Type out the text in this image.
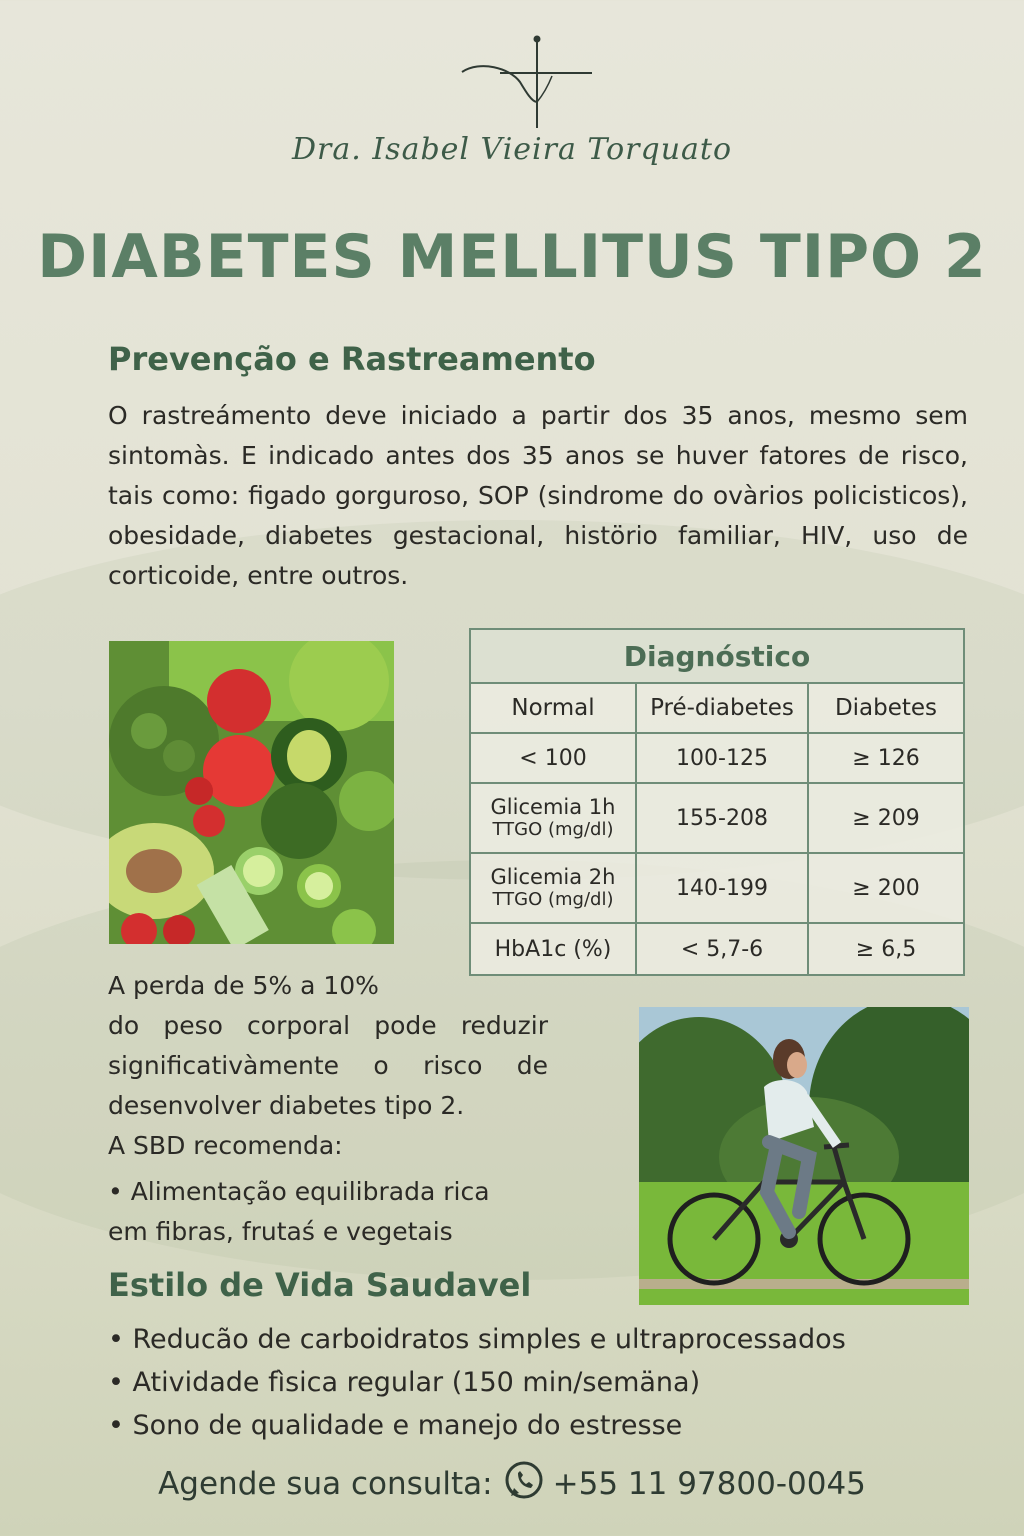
Dra. Isabel Vieira Torquato
DIABETES MELLITUS TIPO 2
Prevenção e Rastreamento
O rastreámento deve iniciado a partir dos 35 anos, mesmo sem sintomàs. E indicado antes dos 35 anos se huver fatores de risco, tais como: figado gorguroso, SOP (sindrome do ovàrios policisticos), obesidade, diabetes gestacional, histörio familiar, HIV, uso de corticoide, entre outros.
Diagnóstico		
Normal	Pré-diabetes	Diabetes
< 100	100-125	≥ 126

Glicemia 1h
TTGO (mg/dl)	155-208	≥ 209

Glicemia 2h
TTGO (mg/dl)	140-199	≥ 200
HbA1c (%)	< 5,7-6	≥ 6,5
A perda de 5% a 10%
do peso corporal pode reduzir
significativàmente o risco de
desenvolver diabetes tipo 2.
A SBD recomenda:
• Alimentação equilibrada rica
em fibras, frutaś e vegetais
Estilo de Vida Saudavel
• Reducão de carboidratos simples e ultraprocessados
• Atividade fìsica regular (150 min/semäna)
• Sono de qualidade e manejo do estresse
Agende sua consulta: +55 11 97800-0045
